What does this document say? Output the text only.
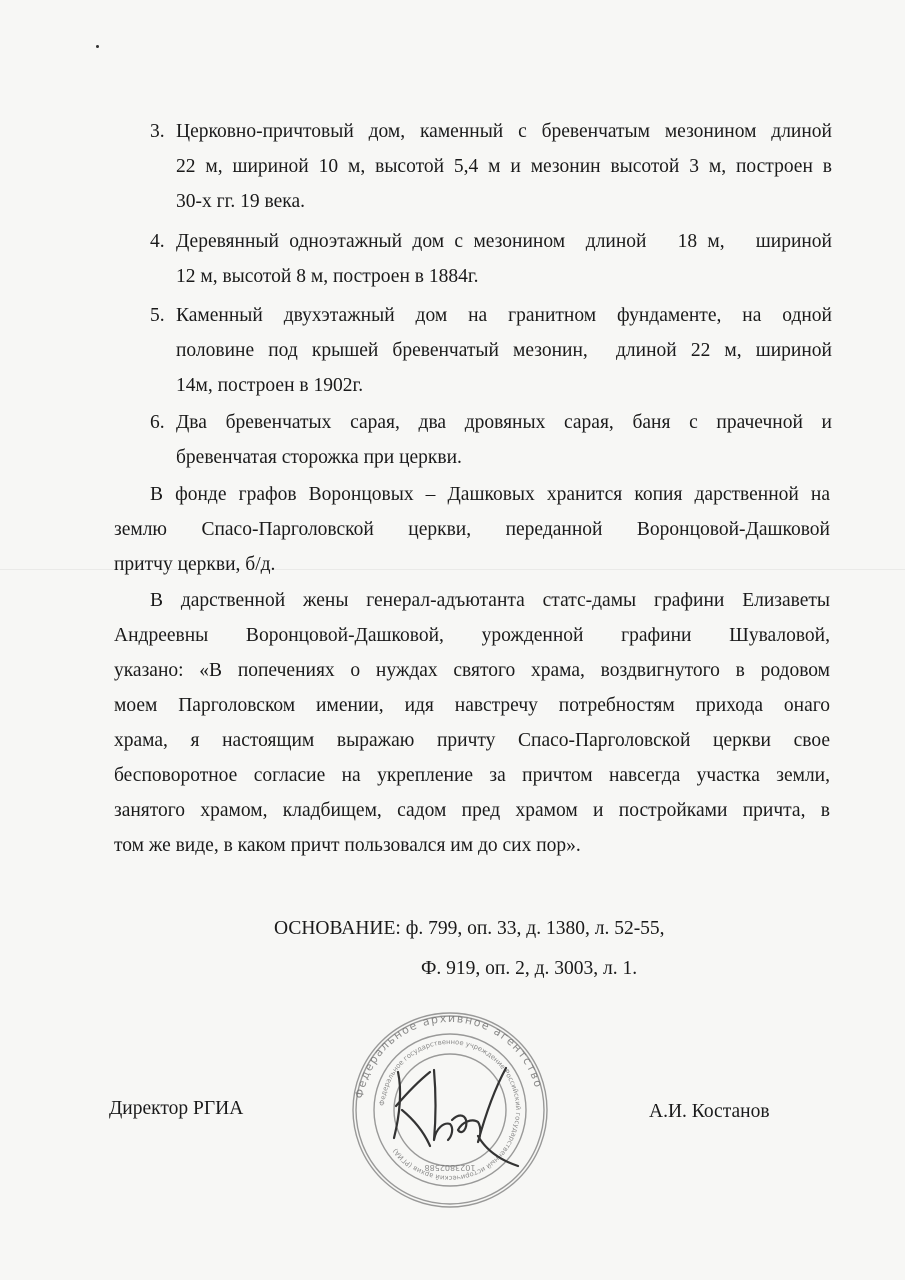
3. Церковно-причтовый дом, каменный с бревенчатым мезонином длиной
22 м, шириной 10 м, высотой 5,4 м и мезонин высотой 3 м, построен в
30-х гг. 19 века.
4. Деревянный одноэтажный дом с мезонином  длиной   18 м,   шириной
12 м, высотой 8 м, построен в 1884г.
5. Каменный двухэтажный дом на гранитном фундаменте, на одной
половине под крышей бревенчатый мезонин,  длиной 22 м, шириной
14м, построен в 1902г.
6. Два бревенчатых сарая, два дровяных сарая, баня с прачечной и
бревенчатая сторожка при церкви.
В фонде графов Воронцовых – Дашковых хранится копия дарственной на
землю Спасо-Парголовской церкви, переданной Воронцовой-Дашковой
притчу церкви, б/д.
В дарственной жены генерал-адъютанта статс-дамы графини Елизаветы
Андреевны Воронцовой-Дашковой, урожденной графини Шуваловой,
указано: «В попечениях о нуждах святого храма, воздвигнутого в родовом
моем Парголовском имении, идя навстречу потребностям прихода онаго
храма, я настоящим выражаю причту Спасо-Парголовской церкви свое
бесповоротное согласие на укрепление за причтом навсегда участка земли,
занятого храмом, кладбищем, садом пред храмом и постройками причта, в
том же виде, в каком причт пользовался им до сих пор».
ОСНОВАНИЕ: ф. 799, оп. 33, д. 1380, л. 52-55,
Ф. 919, оп. 2, д. 3003, л. 1.
Директор РГИА	А.И. Костанов
Федеральное архивное агентство
Федеральное государственное учреждение Российский государственный исторический архив (РГИА)
1023802588
